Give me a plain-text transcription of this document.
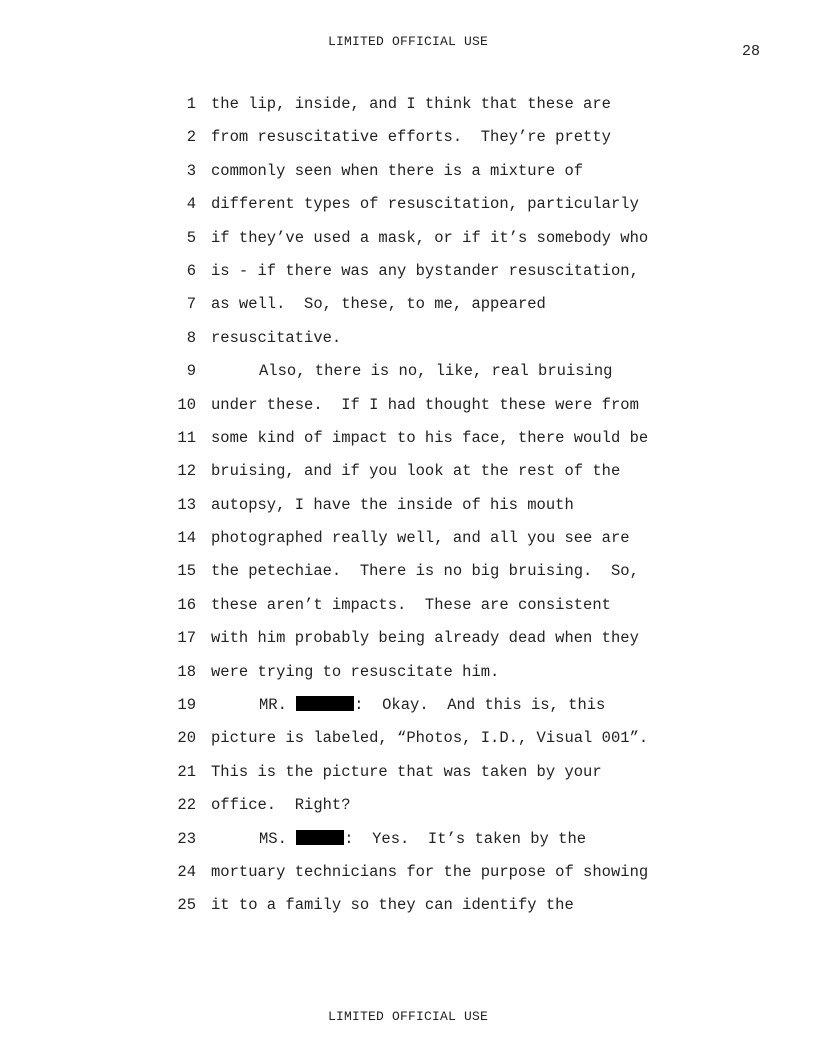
LIMITED OFFICIAL USE
28
1 the lip, inside, and I think that these are
2 from resuscitative efforts.  They’re pretty
3 commonly seen when there is a mixture of
4 different types of resuscitation, particularly
5 if they’ve used a mask, or if it’s somebody who
6 is - if there was any bystander resuscitation,
7 as well.  So, these, to me, appeared
8 resuscitative.
9	Also, there is no, like, real bruising
10 under these.  If I had thought these were from
11 some kind of impact to his face, there would be
12 bruising, and if you look at the rest of the
13 autopsy, I have the inside of his mouth
14 photographed really well, and all you see are
15 the petechiae.  There is no big bruising.  So,
16 these aren’t impacts.  These are consistent
17 with him probably being already dead when they
18 were trying to resuscitate him.
19	MR.	:  Okay.  And this is, this
20 picture is labeled, “Photos, I.D., Visual 001”.
21 This is the picture that was taken by your
22 office.  Right?
23	MS.	:  Yes.  It’s taken by the
24 mortuary technicians for the purpose of showing
25 it to a family so they can identify the
LIMITED OFFICIAL USE
